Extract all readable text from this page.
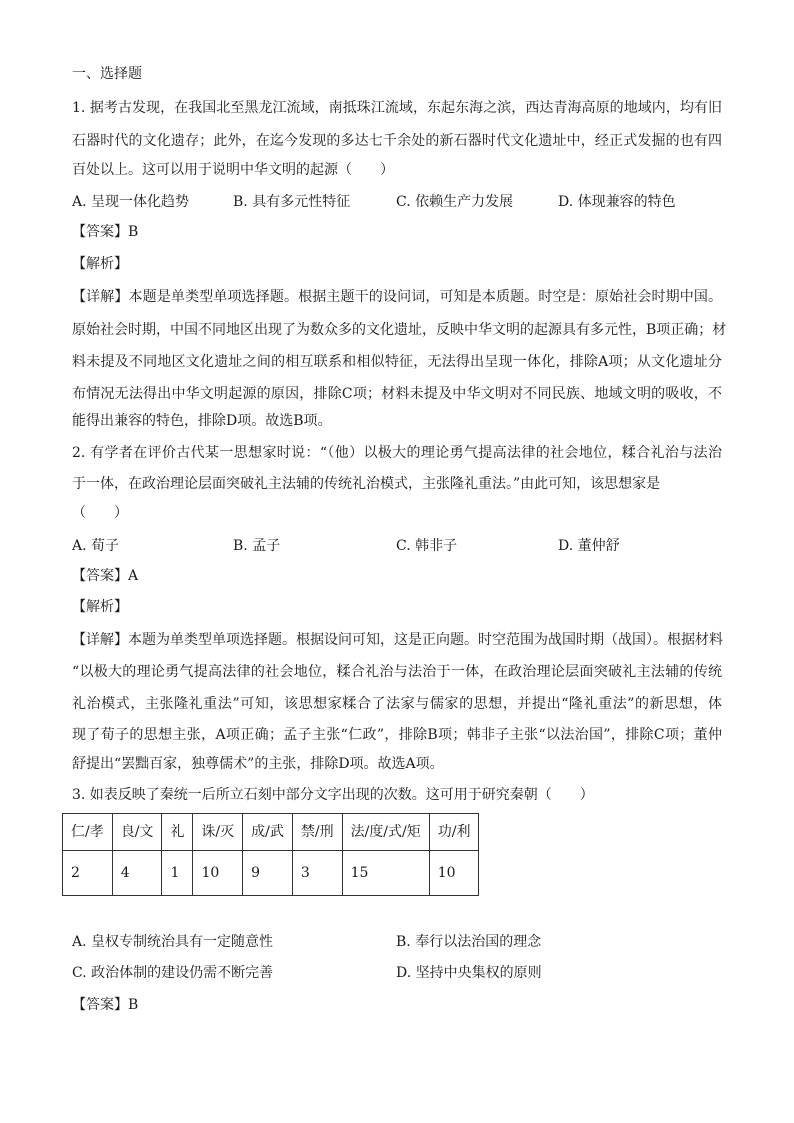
一、选择题
1. 据考古发现，在我国北至黑龙江流域，南抵珠江流域，东起东海之滨，西达青海高原的地域内，均有旧
石器时代的文化遗存；此外，在迄今发现的多达七千余处的新石器时代文化遗址中，经正式发掘的也有四
百处以上。这可以用于说明中华文明的起源（　　）
A. 呈现一体化趋势	B. 具有多元性特征	C. 依赖生产力发展	D. 体现兼容的特色
【答案】B
【解析】
【详解】本题是单类型单项选择题。根据主题干的设问词，可知是本质题。时空是：原始社会时期中国。
原始社会时期，中国不同地区出现了为数众多的文化遗址，反映中华文明的起源具有多元性，B项正确；材
料未提及不同地区文化遗址之间的相互联系和相似特征，无法得出呈现一体化，排除A项；从文化遗址分
布情况无法得出中华文明起源的原因，排除C项；材料未提及中华文明对不同民族、地域文明的吸收，不
能得出兼容的特色，排除D项。故选B项。
2. 有学者在评价古代某一思想家时说：“（他）以极大的理论勇气提高法律的社会地位，糅合礼治与法治
于一体，在政治理论层面突破礼主法辅的传统礼治模式，主张隆礼重法。”由此可知，该思想家是
（　　）
A. 荀子	B. 孟子	C. 韩非子	D. 董仲舒
【答案】A
【解析】
【详解】本题为单类型单项选择题。根据设问可知，这是正向题。时空范围为战国时期（战国）。根据材料
“以极大的理论勇气提高法律的社会地位，糅合礼治与法治于一体，在政治理论层面突破礼主法辅的传统
礼治模式，主张隆礼重法”可知，该思想家糅合了法家与儒家的思想，并提出“隆礼重法”的新思想，体
现了荀子的思想主张，A项正确；孟子主张“仁政”，排除B项；韩非子主张“以法治国”，排除C项；董仲
舒提出“罢黜百家，独尊儒术”的主张，排除D项。故选A项。
3. 如表反映了秦统一后所立石刻中部分文字出现的次数。这可用于研究秦朝（　　）
仁/孝	良/文	礼	诛/灭	成/武	禁/刑	法/度/式/矩	功/利
2	4	1	10	9	3	15	10
A. 皇权专制统治具有一定随意性	B. 奉行以法治国的理念
C. 政治体制的建设仍需不断完善	D. 坚持中央集权的原则
【答案】B
